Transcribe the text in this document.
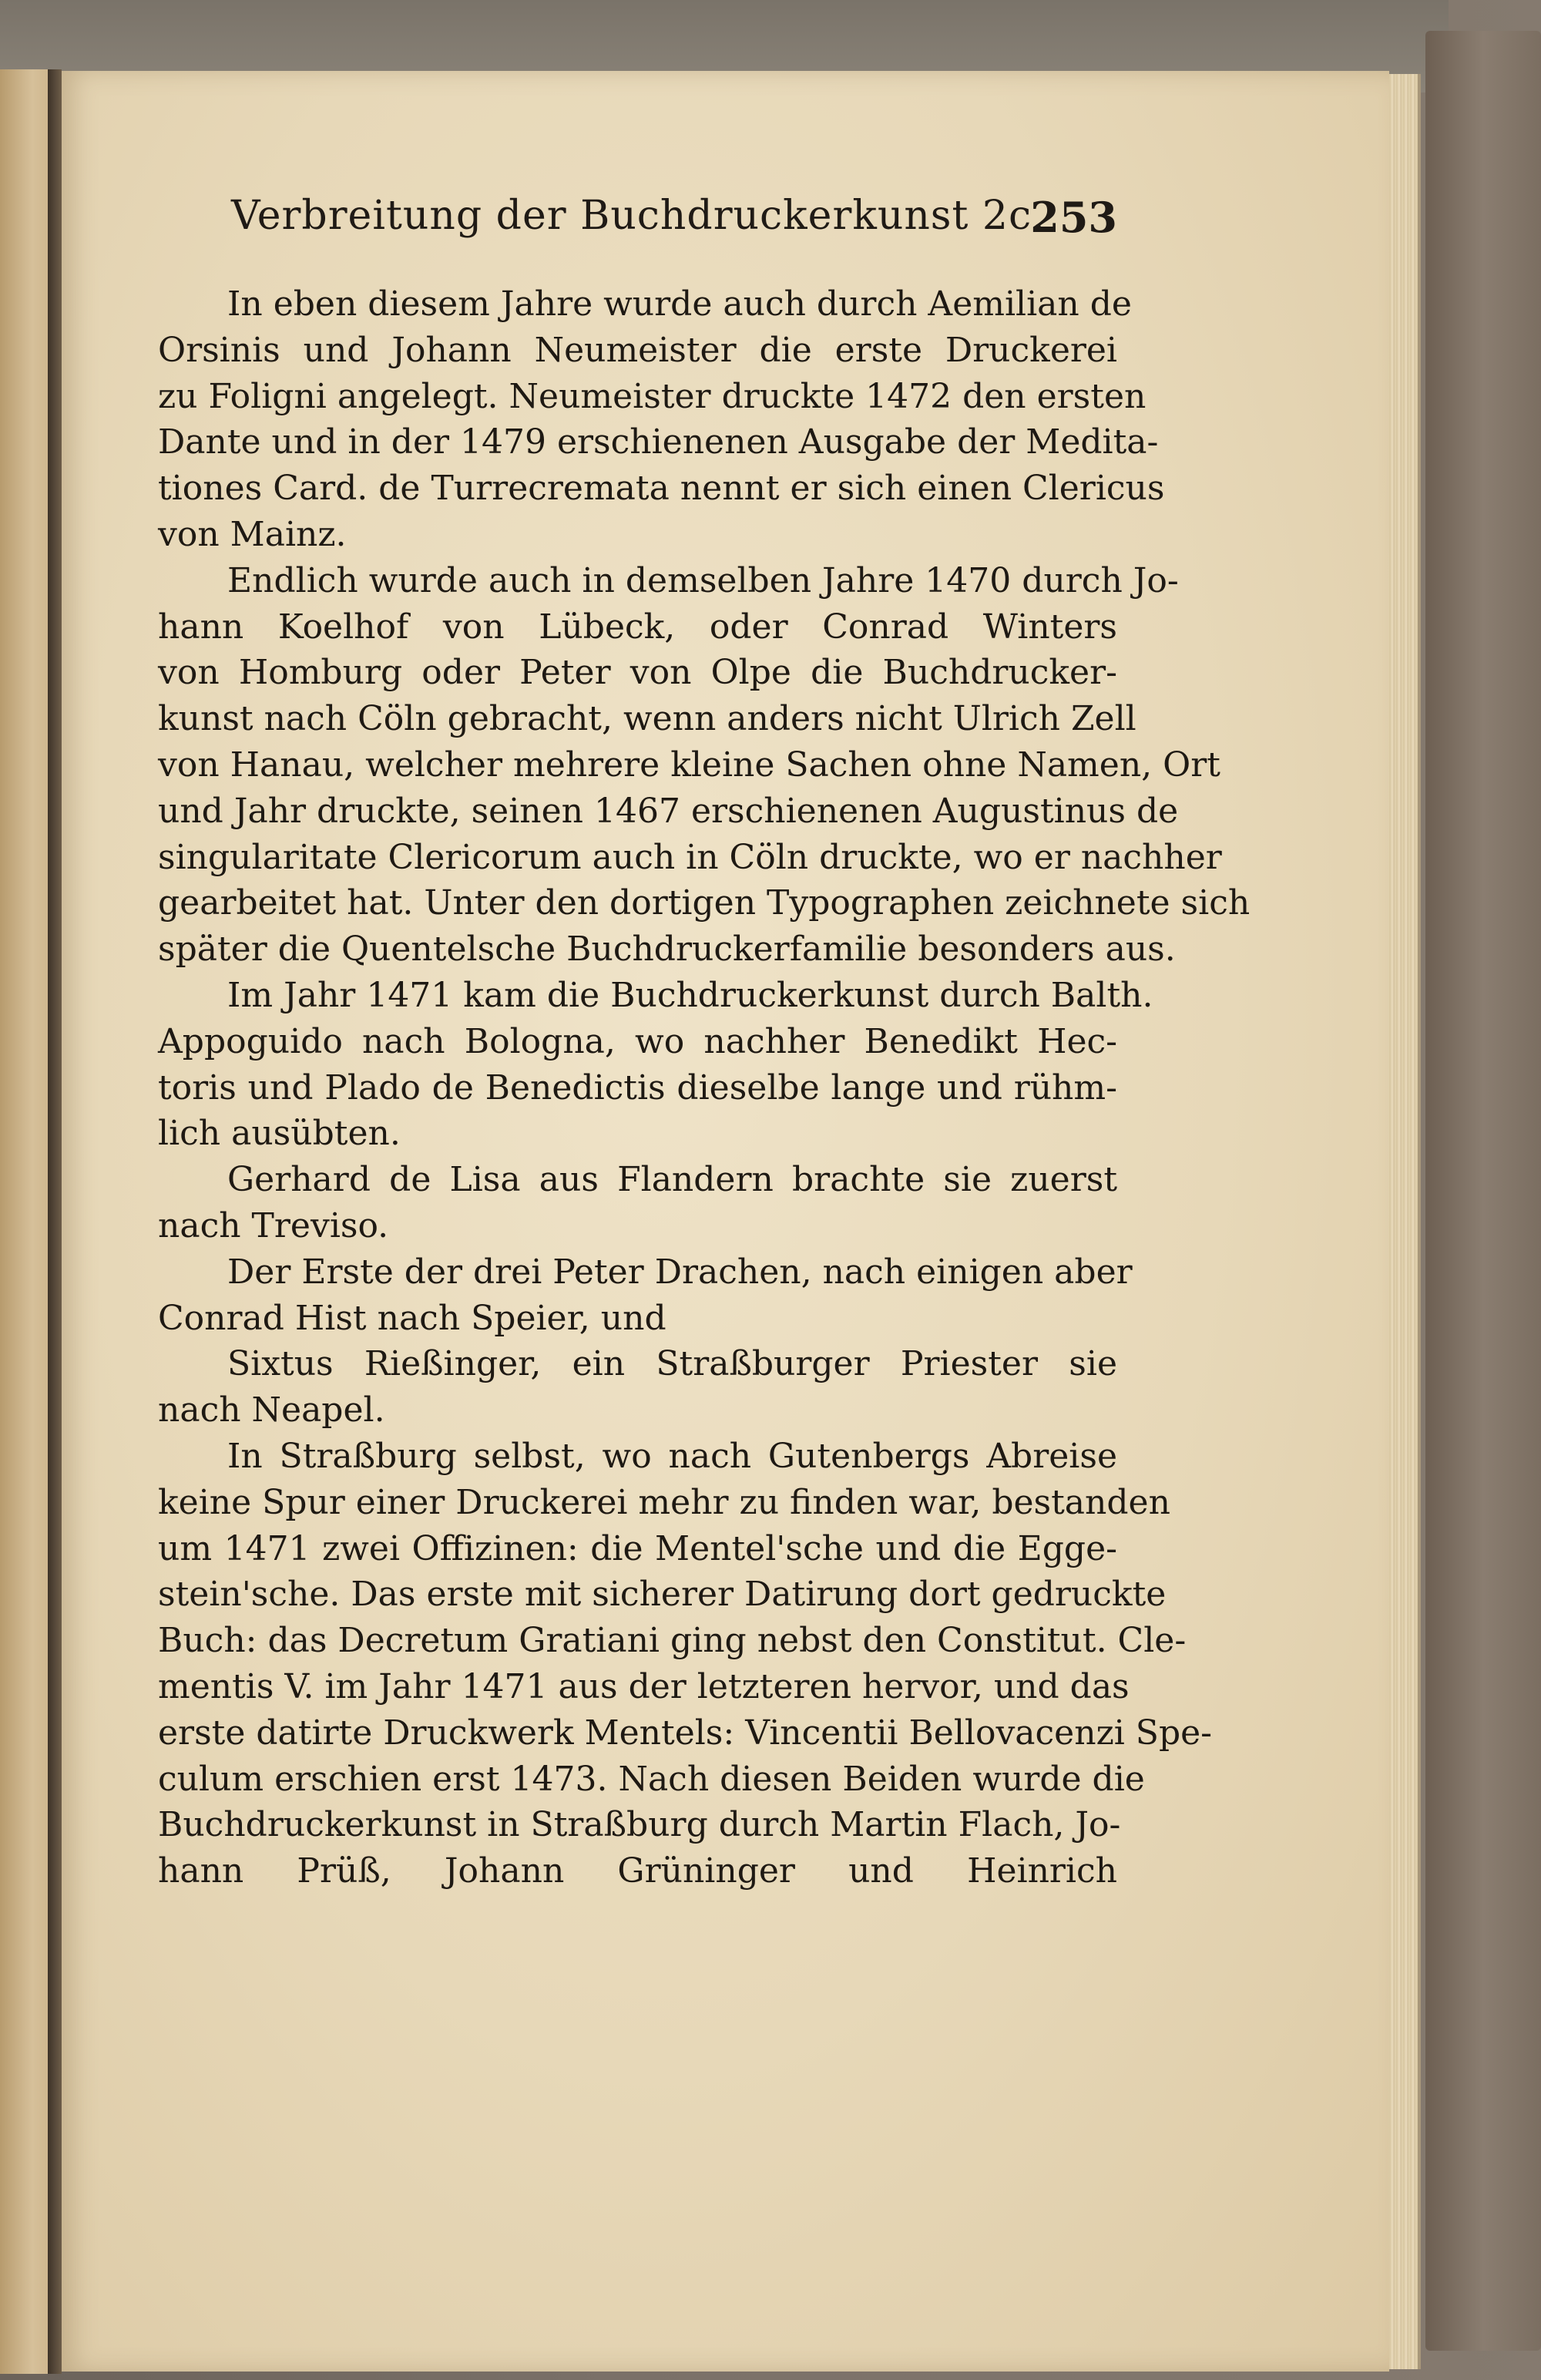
Verbreitung der Buchdruckerkunst 2c.
253
In eben diesem Jahre wurde auch durch Aemilian de
Orsinis und Johann Neumeister die erste Druckerei
zu Foligni angelegt. Neumeister druckte 1472 den ersten
Dante und in der 1479 erschienenen Ausgabe der Medita-
tiones Card. de Turrecremata nennt er sich einen Clericus
von Mainz.
Endlich wurde auch in demselben Jahre 1470 durch Jo-
hann Koelhof von Lübeck, oder Conrad Winters
von Homburg oder Peter von Olpe die Buchdrucker-
kunst nach Cöln gebracht, wenn anders nicht Ulrich Zell
von Hanau, welcher mehrere kleine Sachen ohne Namen, Ort
und Jahr druckte, seinen 1467 erschienenen Augustinus de
singularitate Clericorum auch in Cöln druckte, wo er nachher
gearbeitet hat. Unter den dortigen Typographen zeichnete sich
später die Quentelsche Buchdruckerfamilie besonders aus.
Im Jahr 1471 kam die Buchdruckerkunst durch Balth.
Appoguido nach Bologna, wo nachher Benedikt Hec-
toris und Plado de Benedictis dieselbe lange und rühm-
lich ausübten.
Gerhard de Lisa aus Flandern brachte sie zuerst
nach Treviso.
Der Erste der drei Peter Drachen, nach einigen aber
Conrad Hist nach Speier, und
Sixtus Rießinger, ein Straßburger Priester sie
nach Neapel.
In Straßburg selbst, wo nach Gutenbergs Abreise
keine Spur einer Druckerei mehr zu finden war, bestanden
um 1471 zwei Offizinen: die Mentel'sche und die Egge-
stein'sche. Das erste mit sicherer Datirung dort gedruckte
Buch: das Decretum Gratiani ging nebst den Constitut. Cle-
mentis V. im Jahr 1471 aus der letzteren hervor, und das
erste datirte Druckwerk Mentels: Vincentii Bellovacenzi Spe-
culum erschien erst 1473. Nach diesen Beiden wurde die
Buchdruckerkunst in Straßburg durch Martin Flach, Jo-
hann Prüß, Johann Grüninger und Heinrich
